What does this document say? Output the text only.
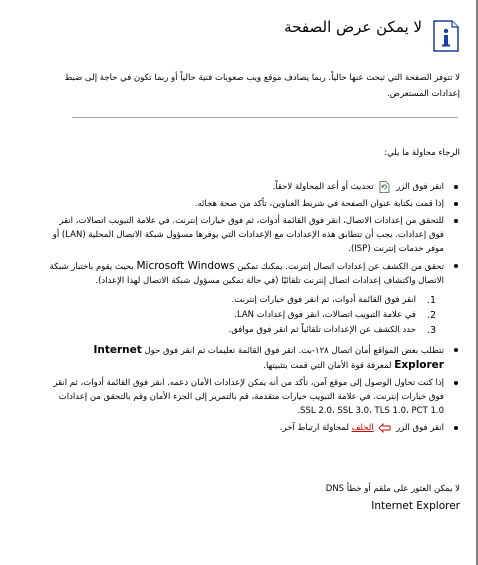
لا يمكن عرض الصفحة

لا تتوفر الصفحة التي تبحث عنها حالياً. ربما يصادف موقع ويب صعوبات فنية حالياً أو ربما تكون في حاجة إلى ضبط إعدادات المستعرض.

الرجاء محاولة ما يلي:

انقر فوق الزر  تحديث أو أعد المحاولة لاحقاً.
إذا قمت بكتابة عنوان الصفحة في شريط العناوين، تأكد من صحة هجائه.
للتحقق من إعدادات الاتصال، انقر فوق القائمة أدوات، ثم فوق خيارات إنترنت. في علامة التبويب اتصالات، انقر فوق إعدادات. يجب أن تتطابق هذه الإعدادات مع الإعدادات التي يوفرها مسؤول شبكة الاتصال المحلية (LAN) أو موفر خدمات إنترنت (ISP).
تحقق من الكشف عن إعدادات اتصال إنترنت. يمكنك تمكين Microsoft Windows بحيث يقوم باختبار شبكة الاتصال واكتشاف إعدادات اتصال إنترنت تلقائيًا (في حالة تمكين مسؤول شبكة الاتصال لهذا الإعداد).
1.
انقر فوق القائمة أدوات، ثم انقر فوق خيارات إنترنت.
2.
في علامة التبويب اتصالات، انقر فوق إعدادات LAN.
3.
حدد الكشف عن الإعدادات تلقائياً ثم انقر فوق موافق.
تتطلب بعض المواقع أمان اتصال ١٢٨-بت. انقر فوق القائمة تعليمات ثم انقر فوق حول Internet Explorer لمعرفة قوة الأمان التي قمت بتثبيتها.
إذا كنت تحاول الوصول إلى موقع آمن، تأكد من أنه يمكن لإعدادات الأمان دعمه. انقر فوق القائمة أدوات، ثم انقر فوق خيارات إنترنت. في علامة التبويب خيارات متقدمة، قم بالتمرير إلى الجزء الأمان وقم بالتحقق من إعدادات SSL 2.0، SSL 3.0، TLS 1.0، PCT 1.0.
انقر فوق الزر  الخلف لمحاولة ارتباط آخر.

لا يمكن العثور على ملقم أو خطأ DNS
Internet Explorer
